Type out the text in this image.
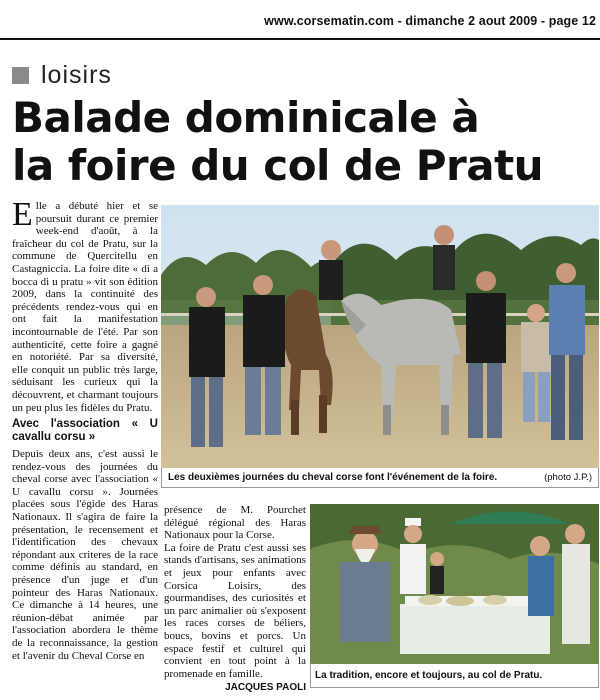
www.corsematin.com - dimanche 2 aout 2009 - page 12
loisirs
Balade dominicale à
la foire du col de Pratu

Elle a débuté hier et se poursuit durant ce premier week-end d'août, à la fraîcheur du col de Pratu, sur la commune de Quercitellu en Castagniccia. La foire dite « di a bocca di u pratu » vit son édition 2009, dans la continuité des précédents rendez-vous qui en ont fait la manifestation incontournable de l'été. Par son authenticité, cette foire a gagné en notoriété. Par sa diversité, elle conquit un public très large, séduisant les curieux qui la découvrent, et charmant toujours un peu plus les fidèles du Pratu.

Avec l'association « U cavallu corsu »

Depuis deux ans, c'est aussi le rendez-vous des journées du cheval corse avec l'association « U cavallu corsu ». Journées placées sous l'égide des Haras Nationaux. Il s'agira de faire la présentation, le recensement et l'identification des chevaux répondant aux criteres de la race comme définis au standard, en présence d'un juge et d'un pointeur des Haras Nationaux. Ce dimanche à 14 heures, une réunion-débat animée par l'association abordera le thème de la reconnaissance, la gestion et l'avenir du Cheval Corse en

Les deuxièmes journées du cheval corse font l'événement de la foire.	(photo J.P.)

présence de M. Pourchet délégué régional des Haras Nationaux pour la Corse.

La foire de Pratu c'est aussi ses stands d'artisans, ses animations et jeux pour enfants avec Corsica Loisirs, des gourmandises, des curiosités et un parc animalier où s'exposent les races corses de béliers, boucs, bovins et porcs. Un espace festif et culturel qui convient en tout point à la promenade en famille.

JACQUES PAOLI
La tradition, encore et toujours, au col de Pratu.
